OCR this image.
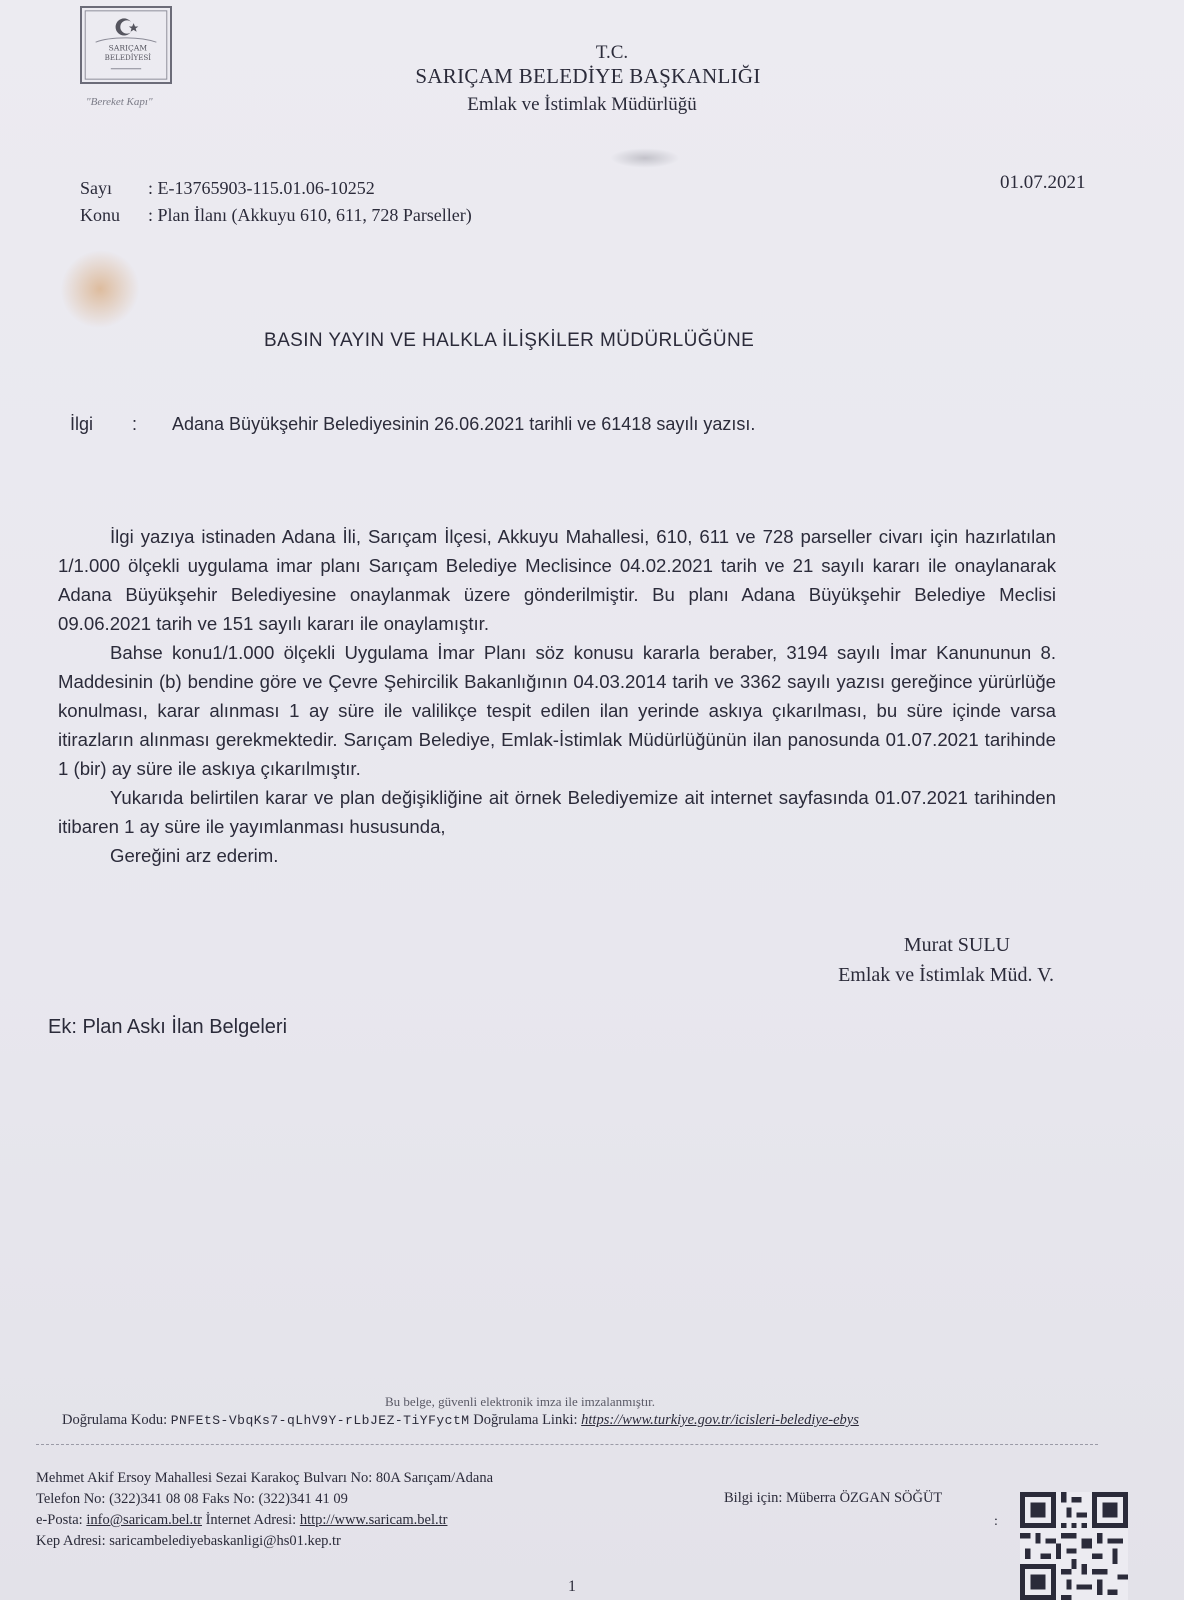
SARIÇAM
BELEDİYESİ
"Bereket Kapı"
T.C.
SARIÇAM BELEDİYE BAŞKANLIĞI
Emlak ve İstimlak Müdürlüğü
Sayı : E-13765903-115.01.06-10252
Konu : Plan İlanı (Akkuyu 610, 611, 728 Parseller)
01.07.2021
BASIN YAYIN VE HALKLA İLİŞKİLER MÜDÜRLÜĞÜNE
İlgi : Adana Büyükşehir Belediyesinin 26.06.2021 tarihli ve 61418 sayılı yazısı.

İlgi yazıya istinaden Adana İli, Sarıçam İlçesi, Akkuyu Mahallesi, 610, 611 ve 728 parseller civarı için hazırlatılan 1/1.000 ölçekli uygulama imar planı Sarıçam Belediye Meclisince 04.02.2021 tarih ve 21 sayılı kararı ile onaylanarak Adana Büyükşehir Belediyesine onaylanmak üzere gönderilmiştir. Bu planı Adana Büyükşehir Belediye Meclisi 09.06.2021 tarih ve 151 sayılı kararı ile onaylamıştır.

Bahse konu1/1.000 ölçekli Uygulama İmar Planı söz konusu kararla beraber, 3194 sayılı İmar Kanununun 8. Maddesinin (b) bendine göre ve Çevre Şehircilik Bakanlığının 04.03.2014 tarih ve 3362 sayılı yazısı gereğince yürürlüğe konulması, karar alınması 1 ay süre ile valilikçe tespit edilen ilan yerinde askıya çıkarılması, bu süre içinde varsa itirazların alınması gerekmektedir. Sarıçam Belediye, Emlak-İstimlak Müdürlüğünün ilan panosunda 01.07.2021 tarihinde 1 (bir) ay süre ile askıya çıkarılmıştır.

Yukarıda belirtilen karar ve plan değişikliğine ait örnek Belediyemize ait internet sayfasında 01.07.2021 tarihinden itibaren 1 ay süre ile yayımlanması hususunda,

Gereğini arz ederim.

Murat SULU
Emlak ve İstimlak Müd. V.
Ek: Plan Askı İlan Belgeleri
Bu belge, güvenli elektronik imza ile imzalanmıştır.
Doğrulama Kodu: PNFEtS-VbqKs7-qLhV9Y-rLbJEZ-TiYFyctM Doğrulama Linki: https://www.turkiye.gov.tr/icisleri-belediye-ebys
Mehmet Akif Ersoy Mahallesi Sezai Karakoç Bulvarı No: 80A Sarıçam/Adana
Telefon No: (322)341 08 08 Faks No: (322)341 41 09
e-Posta: info@saricam.bel.tr İnternet Adresi: http://www.saricam.bel.tr
Kep Adresi: saricambelediyebaskanligi@hs01.kep.tr
Bilgi için: Müberra ÖZGAN SÖĞÜT
:
1
